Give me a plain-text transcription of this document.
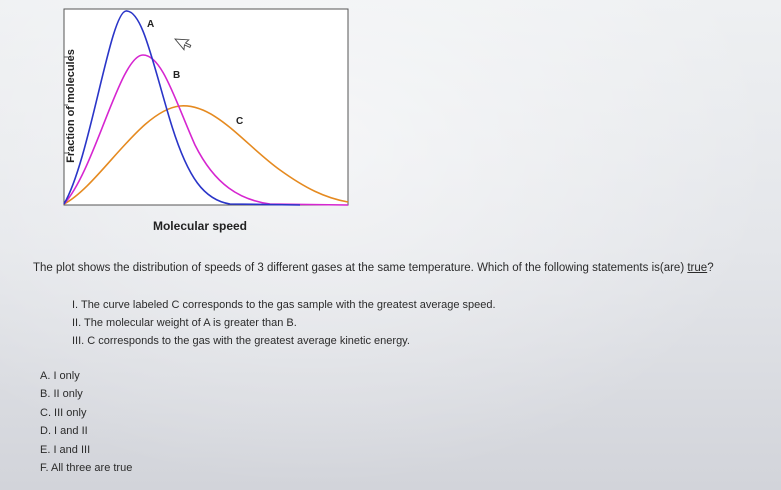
A
B
C
Fraction of molecules
Molecular speed
The plot shows the distribution of speeds of 3 different gases at the same temperature. Which of the following statements is(are) true?
I. The curve labeled C corresponds to the gas sample with the greatest average speed.
II. The molecular weight of A is greater than B.
III. C corresponds to the gas with the greatest average kinetic energy.
A. I only
B. II only
C. III only
D. I and II
E. I and III
F. All three are true
